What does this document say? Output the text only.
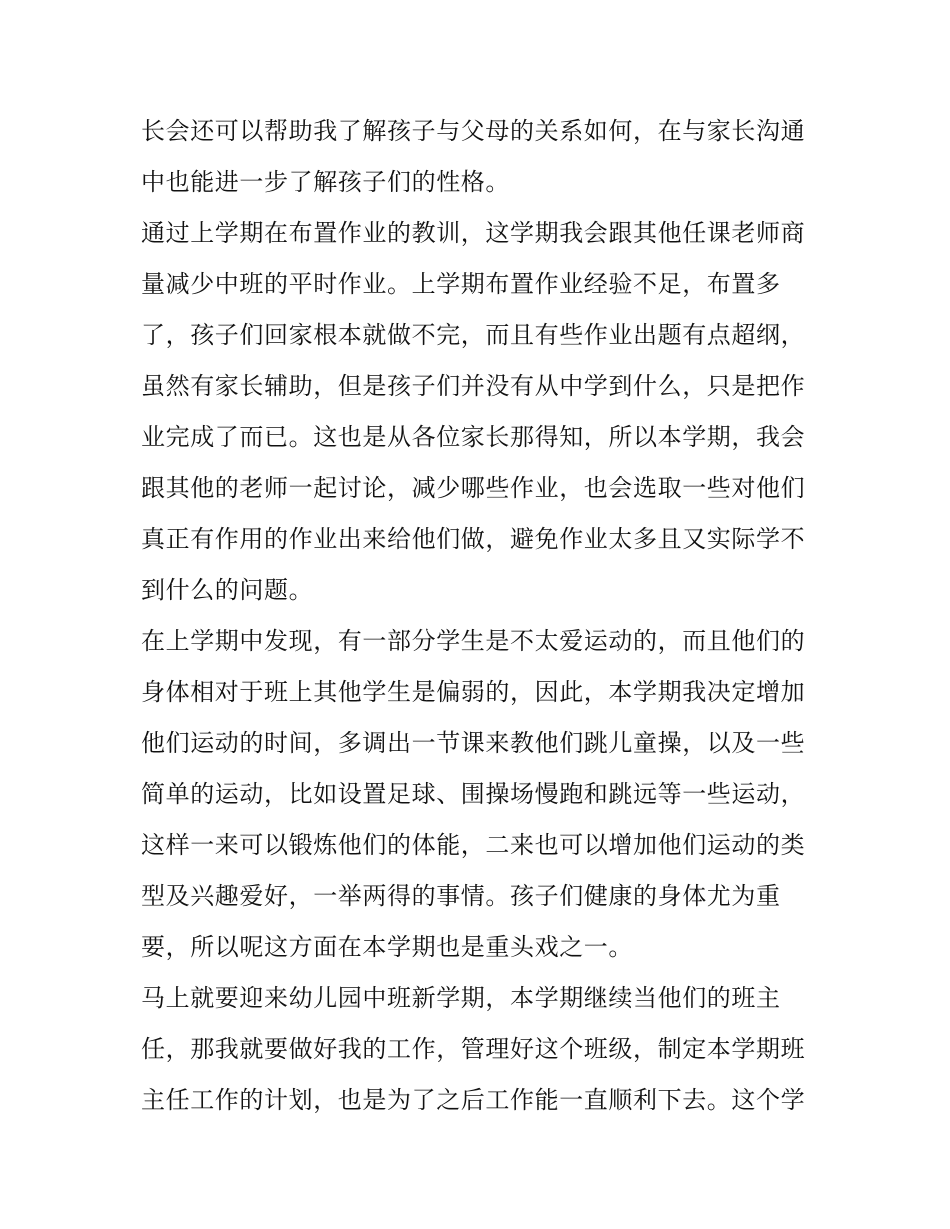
长会还可以帮助我了解孩子与父母的关系如何，在与家长沟通
中也能进一步了解孩子们的性格。
通过上学期在布置作业的教训，这学期我会跟其他任课老师商
量减少中班的平时作业。上学期布置作业经验不足，布置多
了，孩子们回家根本就做不完，而且有些作业出题有点超纲，
虽然有家长辅助，但是孩子们并没有从中学到什么，只是把作
业完成了而已。这也是从各位家长那得知，所以本学期，我会
跟其他的老师一起讨论，减少哪些作业，也会选取一些对他们
真正有作用的作业出来给他们做，避免作业太多且又实际学不
到什么的问题。
在上学期中发现，有一部分学生是不太爱运动的，而且他们的
身体相对于班上其他学生是偏弱的，因此，本学期我决定增加
他们运动的时间，多调出一节课来教他们跳儿童操，以及一些
简单的运动，比如设置足球、围操场慢跑和跳远等一些运动，
这样一来可以锻炼他们的体能，二来也可以增加他们运动的类
型及兴趣爱好，一举两得的事情。孩子们健康的身体尤为重
要，所以呢这方面在本学期也是重头戏之一。
马上就要迎来幼儿园中班新学期，本学期继续当他们的班主
任，那我就要做好我的工作，管理好这个班级，制定本学期班
主任工作的计划，也是为了之后工作能一直顺利下去。这个学
